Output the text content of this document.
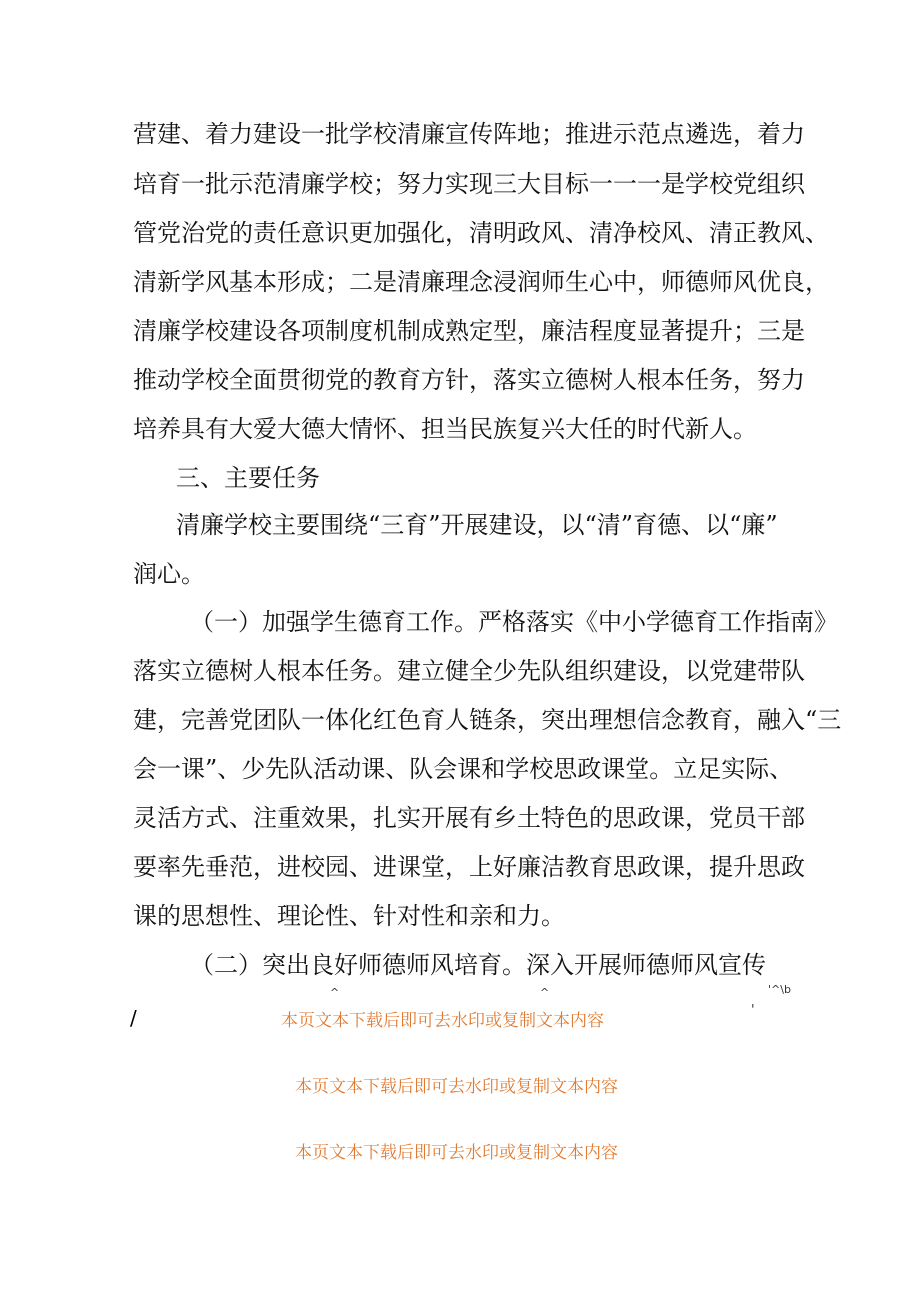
营建、着力建设一批学校清廉宣传阵地；推进示范点遴选，着力
培育一批示范清廉学校；努力实现三大目标一一一是学校党组织
管党治党的责任意识更加强化，清明政风、清净校风、清正教风、
清新学风基本形成；二是清廉理念浸润师生心中，师德师风优良，
清廉学校建设各项制度机制成熟定型，廉洁程度显著提升；三是
推动学校全面贯彻党的教育方针，落实立德树人根本任务，努力
培养具有大爱大德大情怀、担当民族复兴大任的时代新人。
三、主要任务
清廉学校主要围绕“三育”开展建设，以“清”育德、以“廉”
润心。
（一）加强学生德育工作。严格落实《中小学德育工作指南》
落实立德树人根本任务。建立健全少先队组织建设，以党建带队
建，完善党团队一体化红色育人链条，突出理想信念教育，融入“三
会一课”、少先队活动课、队会课和学校思政课堂。立足实际、
灵活方式、注重效果，扎实开展有乡土特色的思政课，党员干部
要率先垂范，进校园、进课堂，上好廉洁教育思政课，提升思政
课的思想性、理论性、针对性和亲和力。
（二）突出良好师德师风培育。深入开展师德师风宣传
^	^	'^\b
/	'
本页文本下载后即可去水印或复制文本内容
本页文本下载后即可去水印或复制文本内容
本页文本下载后即可去水印或复制文本内容
